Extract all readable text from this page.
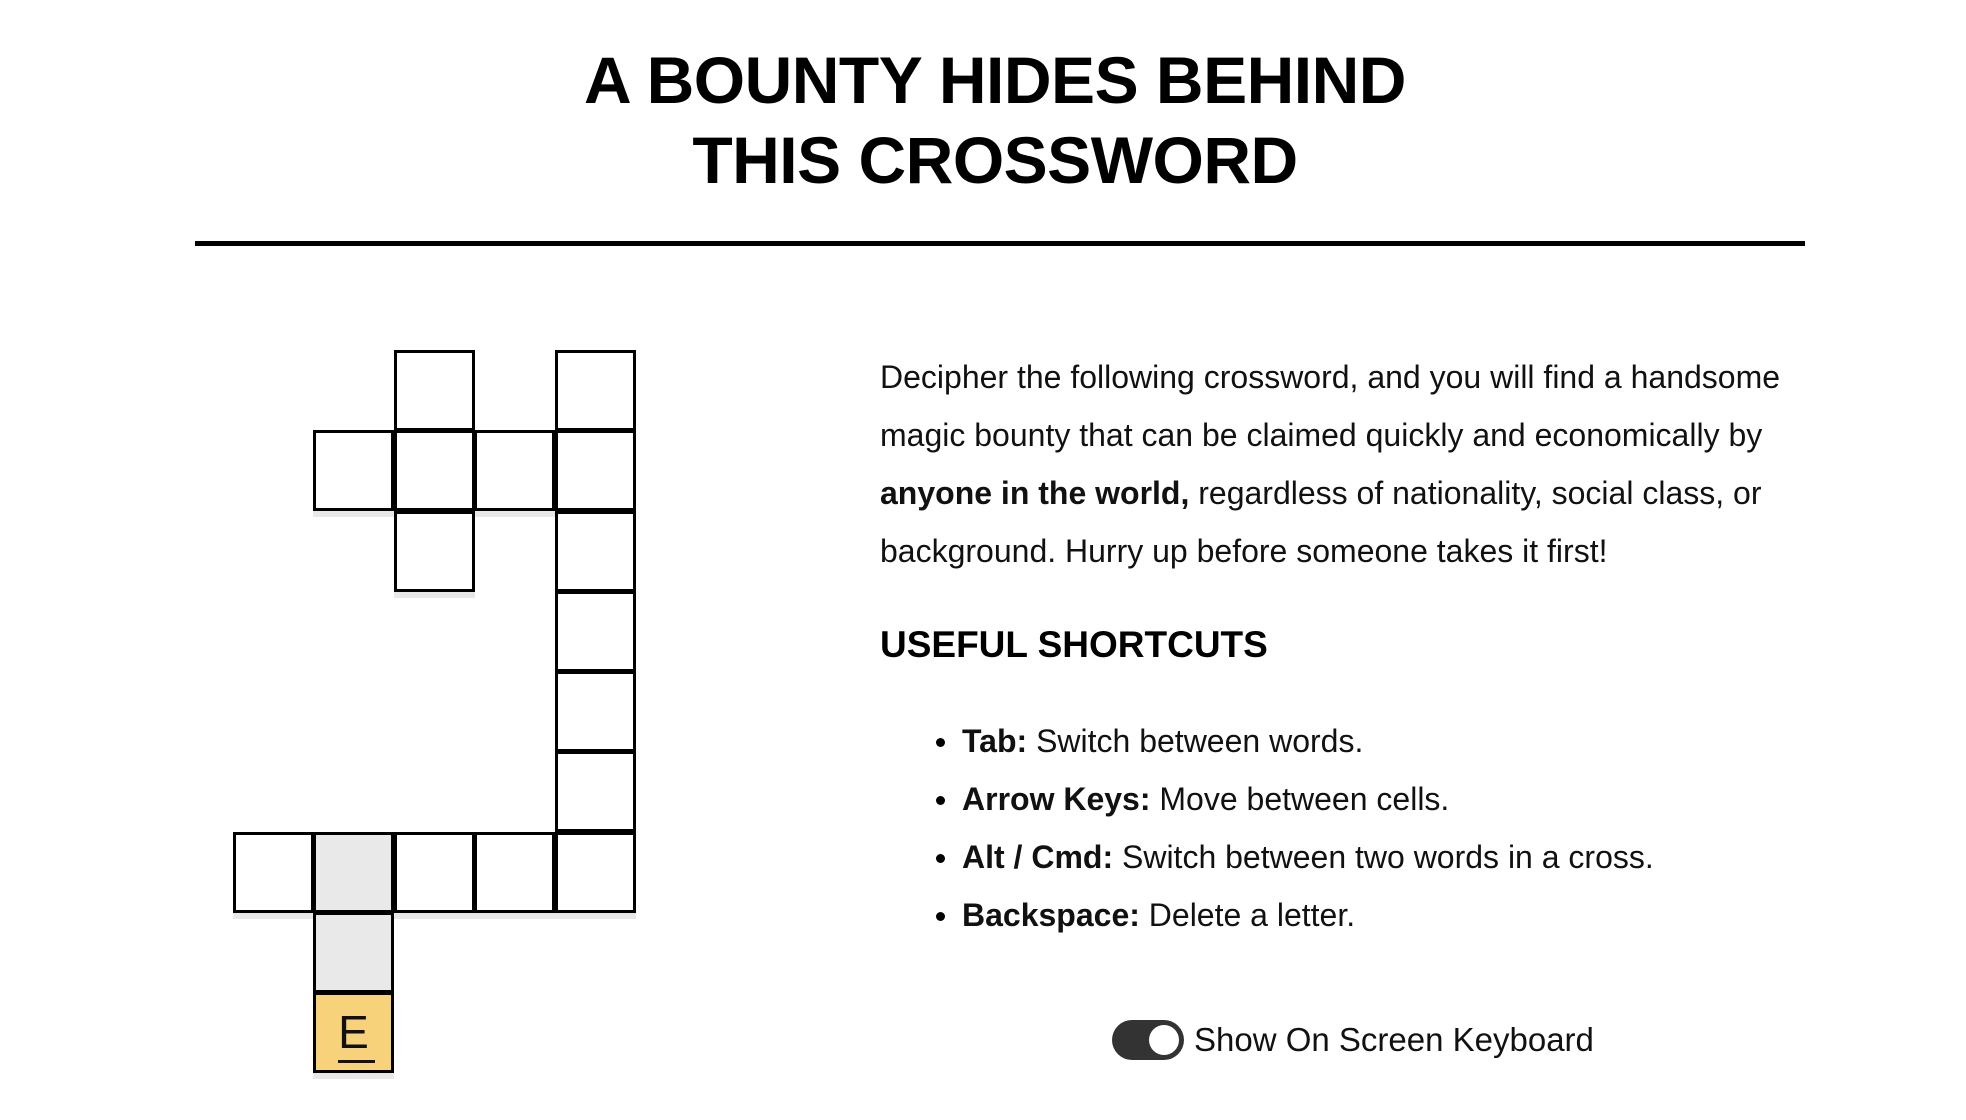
A BOUNTY HIDES BEHIND
THIS CROSSWORD
E

Decipher the following crossword, and you will find a handsome magic bounty that can be claimed quickly and economically by
anyone in the world, regardless of nationality, social class, or background. Hurry up before someone takes it first!

USEFUL SHORTCUTS
Tab: Switch between words.
Arrow Keys: Move between cells.
Alt / Cmd: Switch between two words in a cross.
Backspace: Delete a letter.
Show On Screen Keyboard
